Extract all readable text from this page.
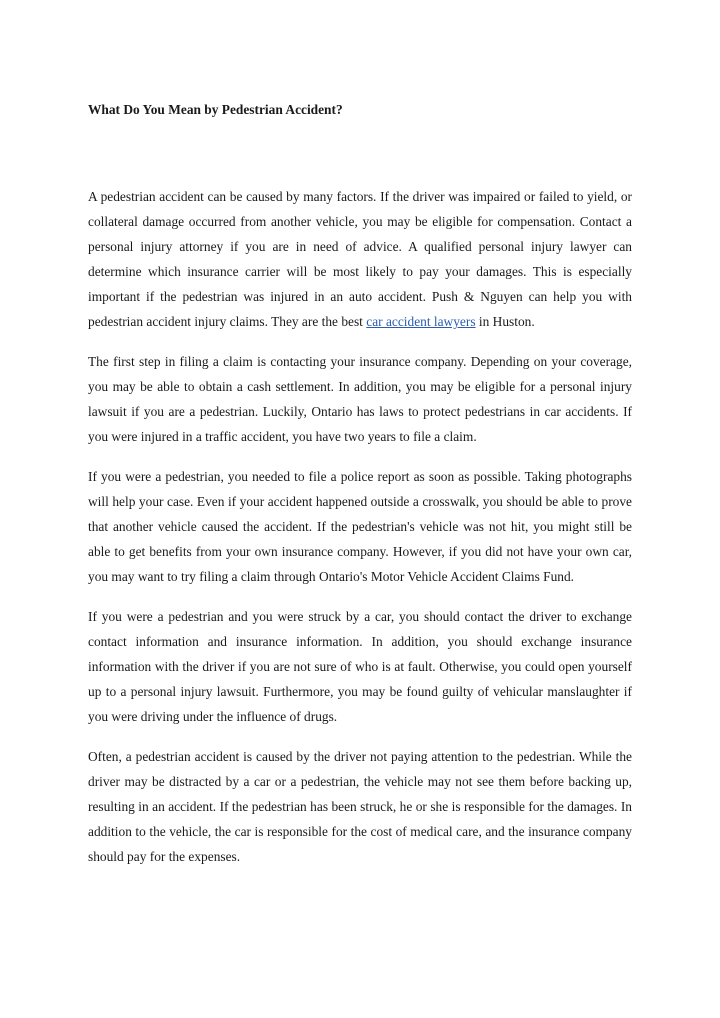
What Do You Mean by Pedestrian Accident?

A pedestrian accident can be caused by many factors. If the driver was impaired or failed to yield, or collateral damage occurred from another vehicle, you may be eligible for compensation. Contact a personal injury attorney if you are in need of advice. A qualified personal injury lawyer can determine which insurance carrier will be most likely to pay your damages. This is especially important if the pedestrian was injured in an auto accident. Push & Nguyen can help you with pedestrian accident injury claims. They are the best car accident lawyers in Huston.

The first step in filing a claim is contacting your insurance company. Depending on your coverage, you may be able to obtain a cash settlement. In addition, you may be eligible for a personal injury lawsuit if you are a pedestrian. Luckily, Ontario has laws to protect pedestrians in car accidents. If you were injured in a traffic accident, you have two years to file a claim.

If you were a pedestrian, you needed to file a police report as soon as possible. Taking photographs will help your case. Even if your accident happened outside a crosswalk, you should be able to prove that another vehicle caused the accident. If the pedestrian's vehicle was not hit, you might still be able to get benefits from your own insurance company. However, if you did not have your own car, you may want to try filing a claim through Ontario's Motor Vehicle Accident Claims Fund.

If you were a pedestrian and you were struck by a car, you should contact the driver to exchange contact information and insurance information. In addition, you should exchange insurance information with the driver if you are not sure of who is at fault. Otherwise, you could open yourself up to a personal injury lawsuit. Furthermore, you may be found guilty of vehicular manslaughter if you were driving under the influence of drugs.

Often, a pedestrian accident is caused by the driver not paying attention to the pedestrian. While the driver may be distracted by a car or a pedestrian, the vehicle may not see them before backing up, resulting in an accident. If the pedestrian has been struck, he or she is responsible for the damages. In addition to the vehicle, the car is responsible for the cost of medical care, and the insurance company should pay for the expenses.
